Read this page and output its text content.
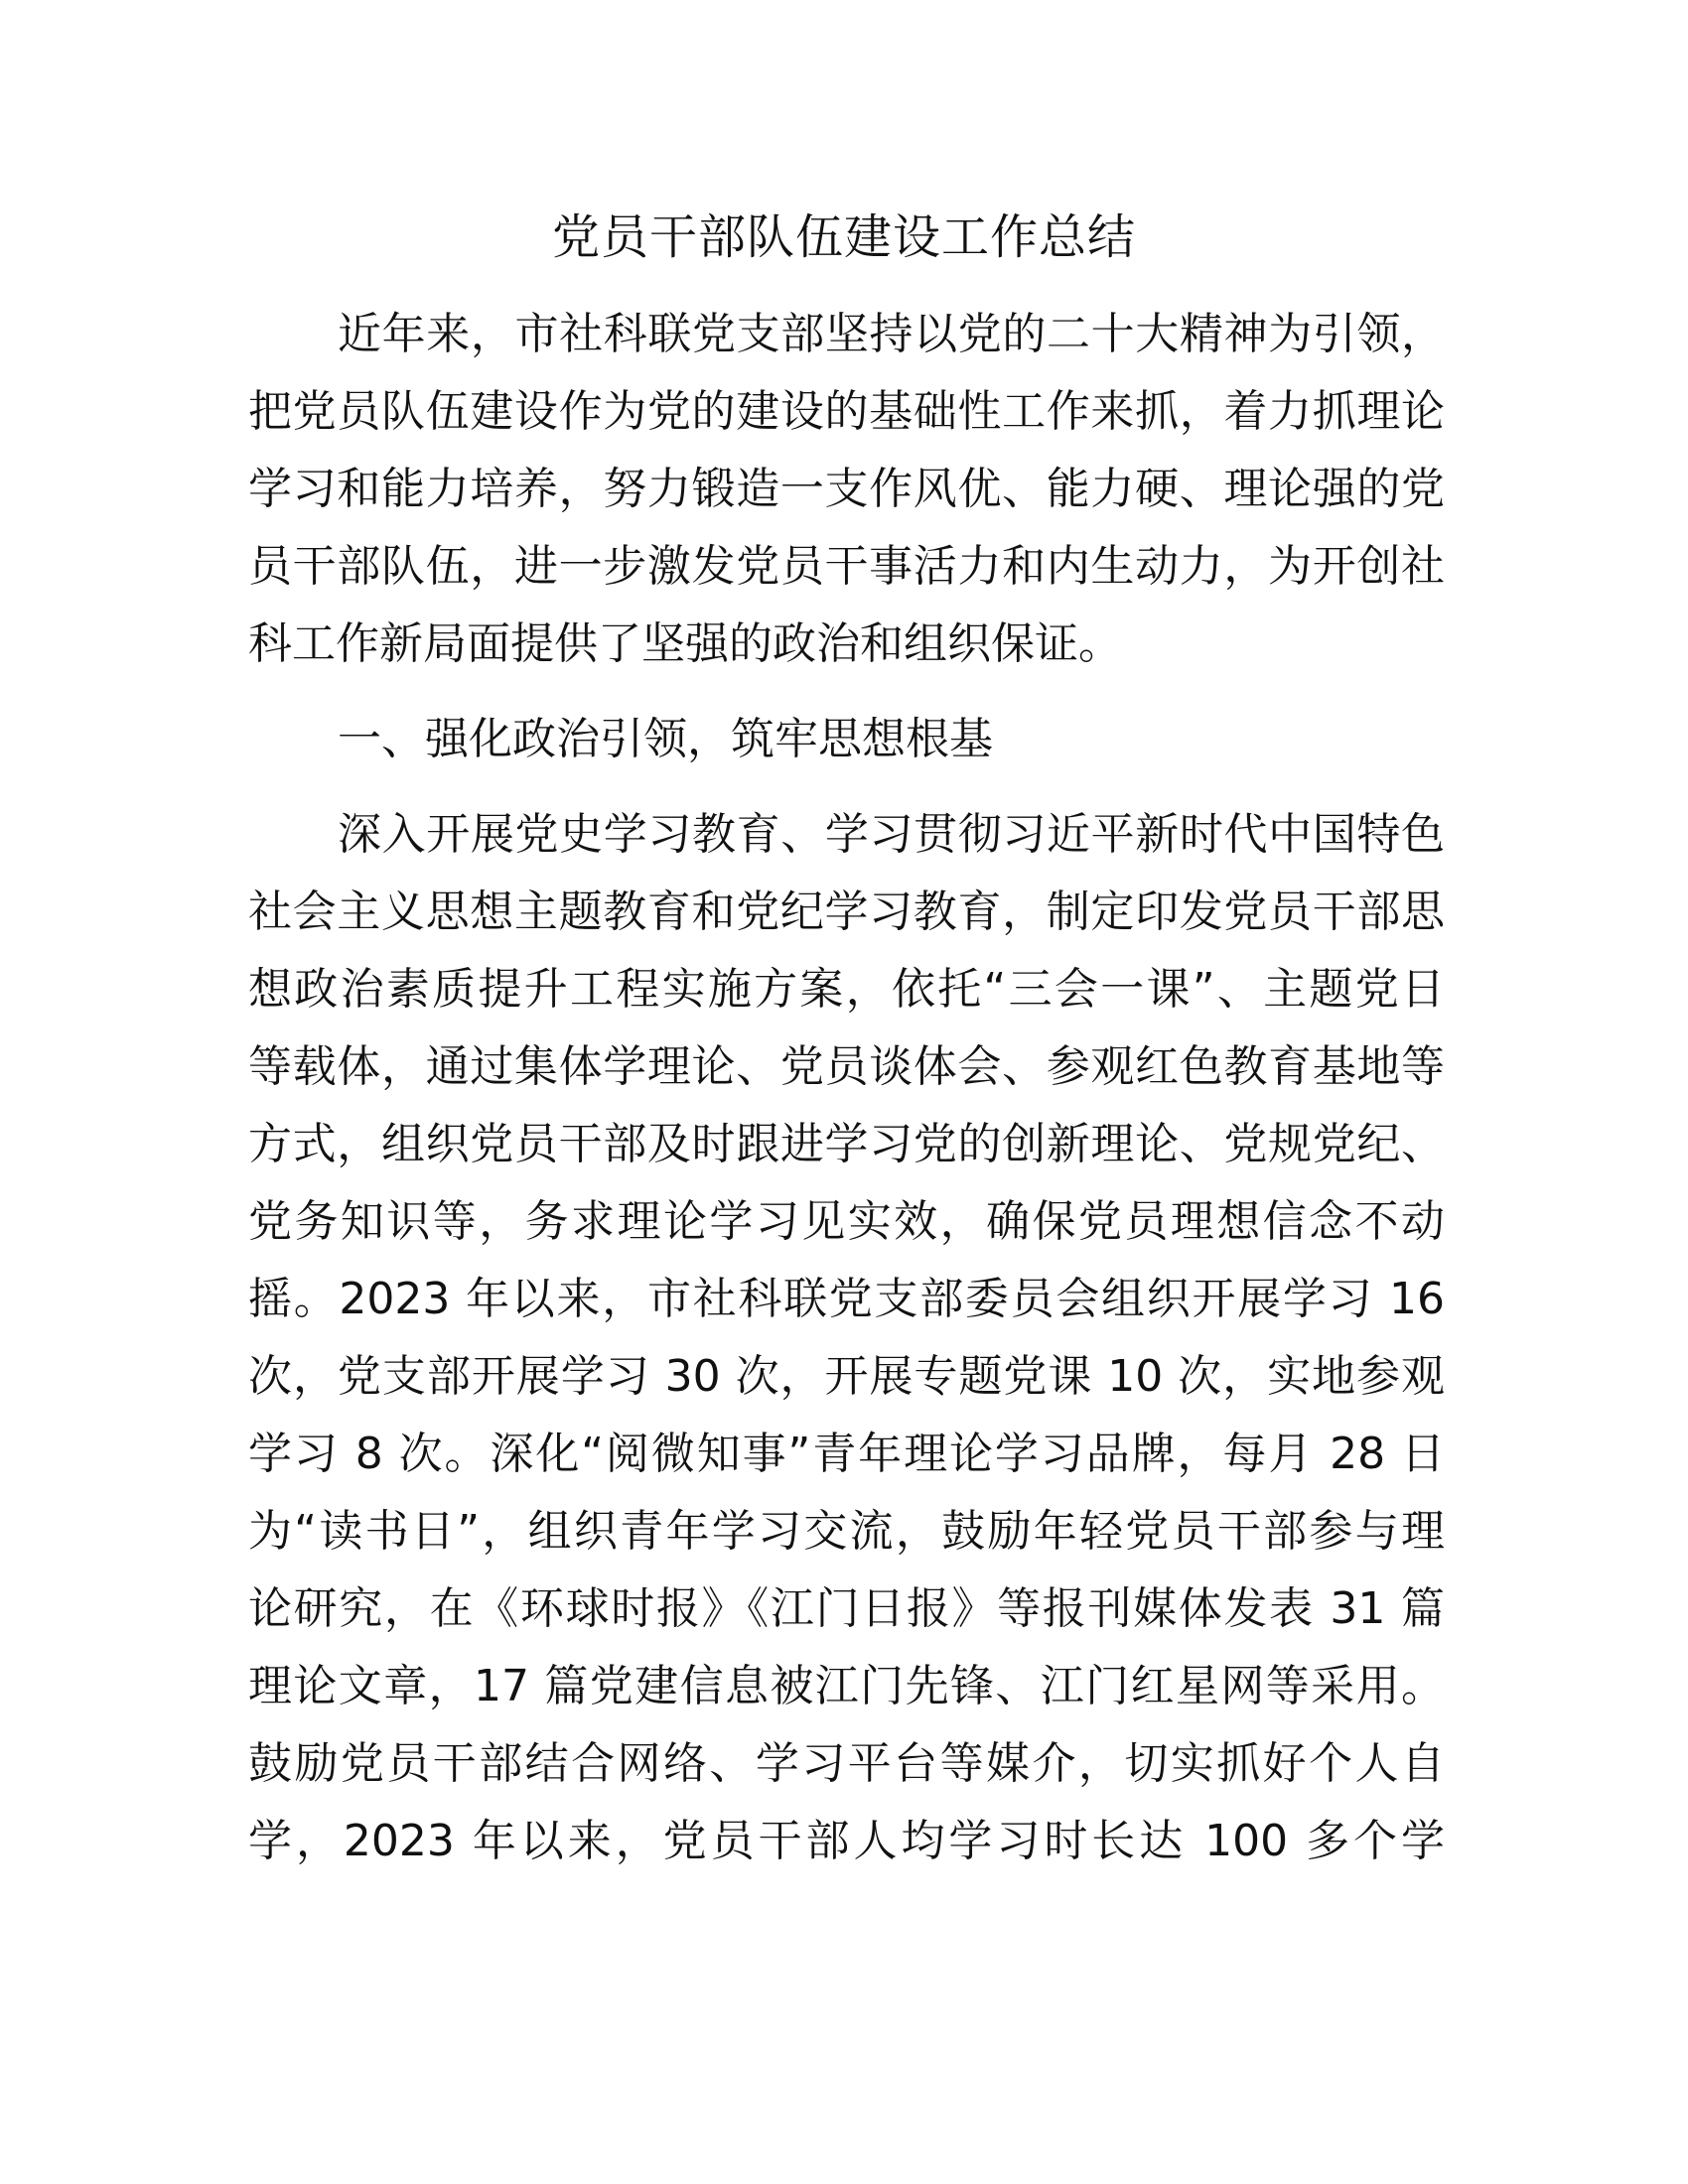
党员干部队伍建设工作总结
近年来，市社科联党支部坚持以党的二十大精神为引领，
把党员队伍建设作为党的建设的基础性工作来抓，着力抓理论
学习和能力培养，努力锻造一支作风优、能力硬、理论强的党
员干部队伍，进一步激发党员干事活力和内生动力，为开创社
科工作新局面提供了坚强的政治和组织保证。
一、强化政治引领，筑牢思想根基
深入开展党史学习教育、学习贯彻习近平新时代中国特色
社会主义思想主题教育和党纪学习教育，制定印发党员干部思
想政治素质提升工程实施方案，依托“三会一课”、主题党日
等载体，通过集体学理论、党员谈体会、参观红色教育基地等
方式，组织党员干部及时跟进学习党的创新理论、党规党纪、
党务知识等，务求理论学习见实效，确保党员理想信念不动
摇。2023 年以来，市社科联党支部委员会组织开展学习 16
次，党支部开展学习 30 次，开展专题党课 10 次，实地参观
学习 8 次。深化“阅微知事”青年理论学习品牌，每月 28 日
为“读书日”，组织青年学习交流，鼓励年轻党员干部参与理
论研究，在《环球时报》《江门日报》等报刊媒体发表 31 篇
理论文章，17 篇党建信息被江门先锋、江门红星网等采用。
鼓励党员干部结合网络、学习平台等媒介，切实抓好个人自
学，2023 年以来，党员干部人均学习时长达 100 多个学
